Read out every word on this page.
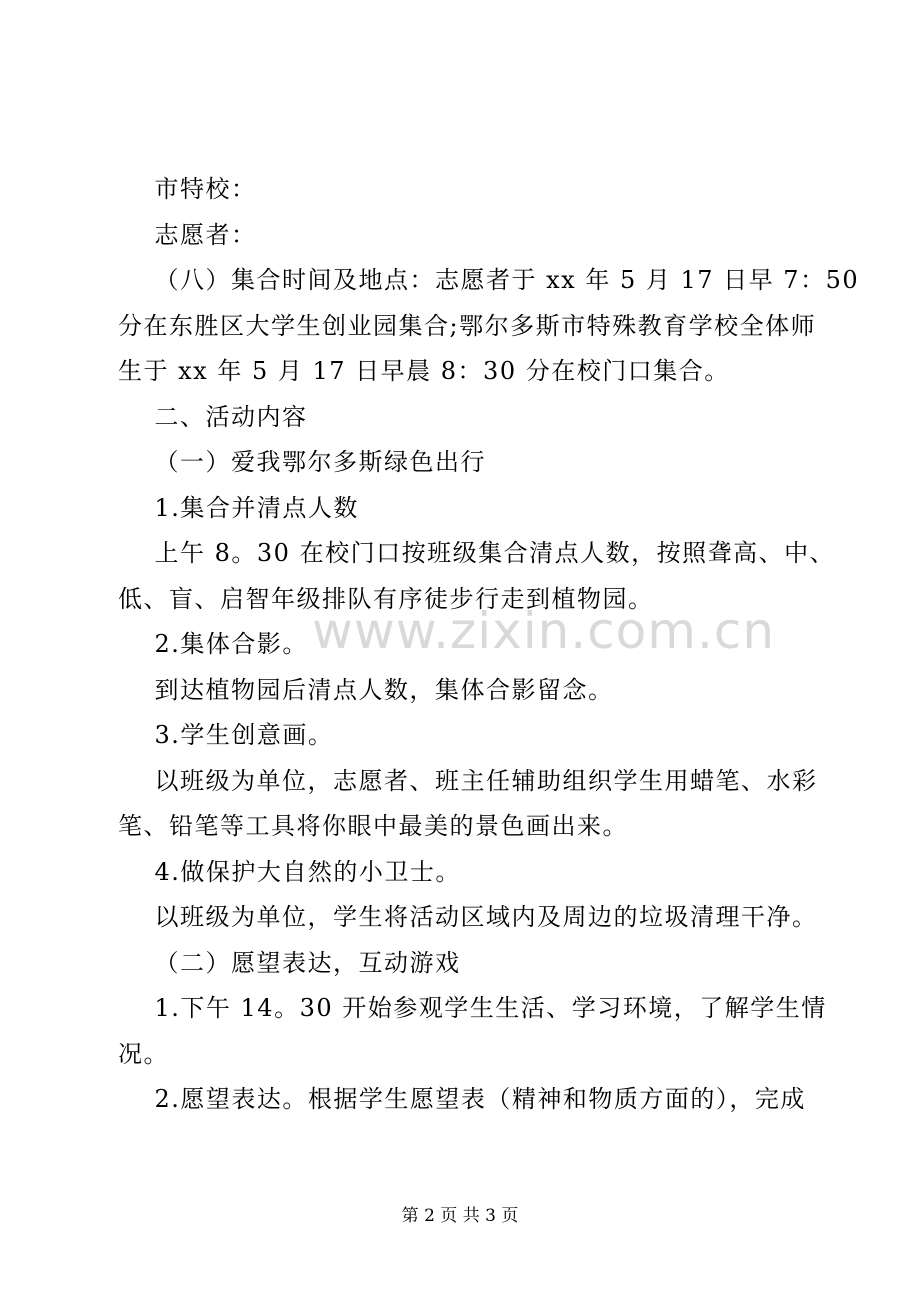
市特校：
志愿者：
（八）集合时间及地点：志愿者于 xx 年 5 月 17 日早 7：50
分在东胜区大学生创业园集合;鄂尔多斯市特殊教育学校全体师
生于 xx 年 5 月 17 日早晨 8：30 分在校门口集合。
二、活动内容
（一）爱我鄂尔多斯绿色出行
1.集合并清点人数
上午 8。30 在校门口按班级集合清点人数，按照聋高、中、
低、盲、启智年级排队有序徒步行走到植物园。
2.集体合影。
到达植物园后清点人数，集体合影留念。
3.学生创意画。
以班级为单位，志愿者、班主任辅助组织学生用蜡笔、水彩
笔、铅笔等工具将你眼中最美的景色画出来。
4.做保护大自然的小卫士。
以班级为单位，学生将活动区域内及周边的垃圾清理干净。
（二）愿望表达，互动游戏
1.下午 14。30 开始参观学生生活、学习环境，了解学生情
况。
2.愿望表达。根据学生愿望表（精神和物质方面的），完成
www.zixin.com.cn
第 2 页 共 3 页
